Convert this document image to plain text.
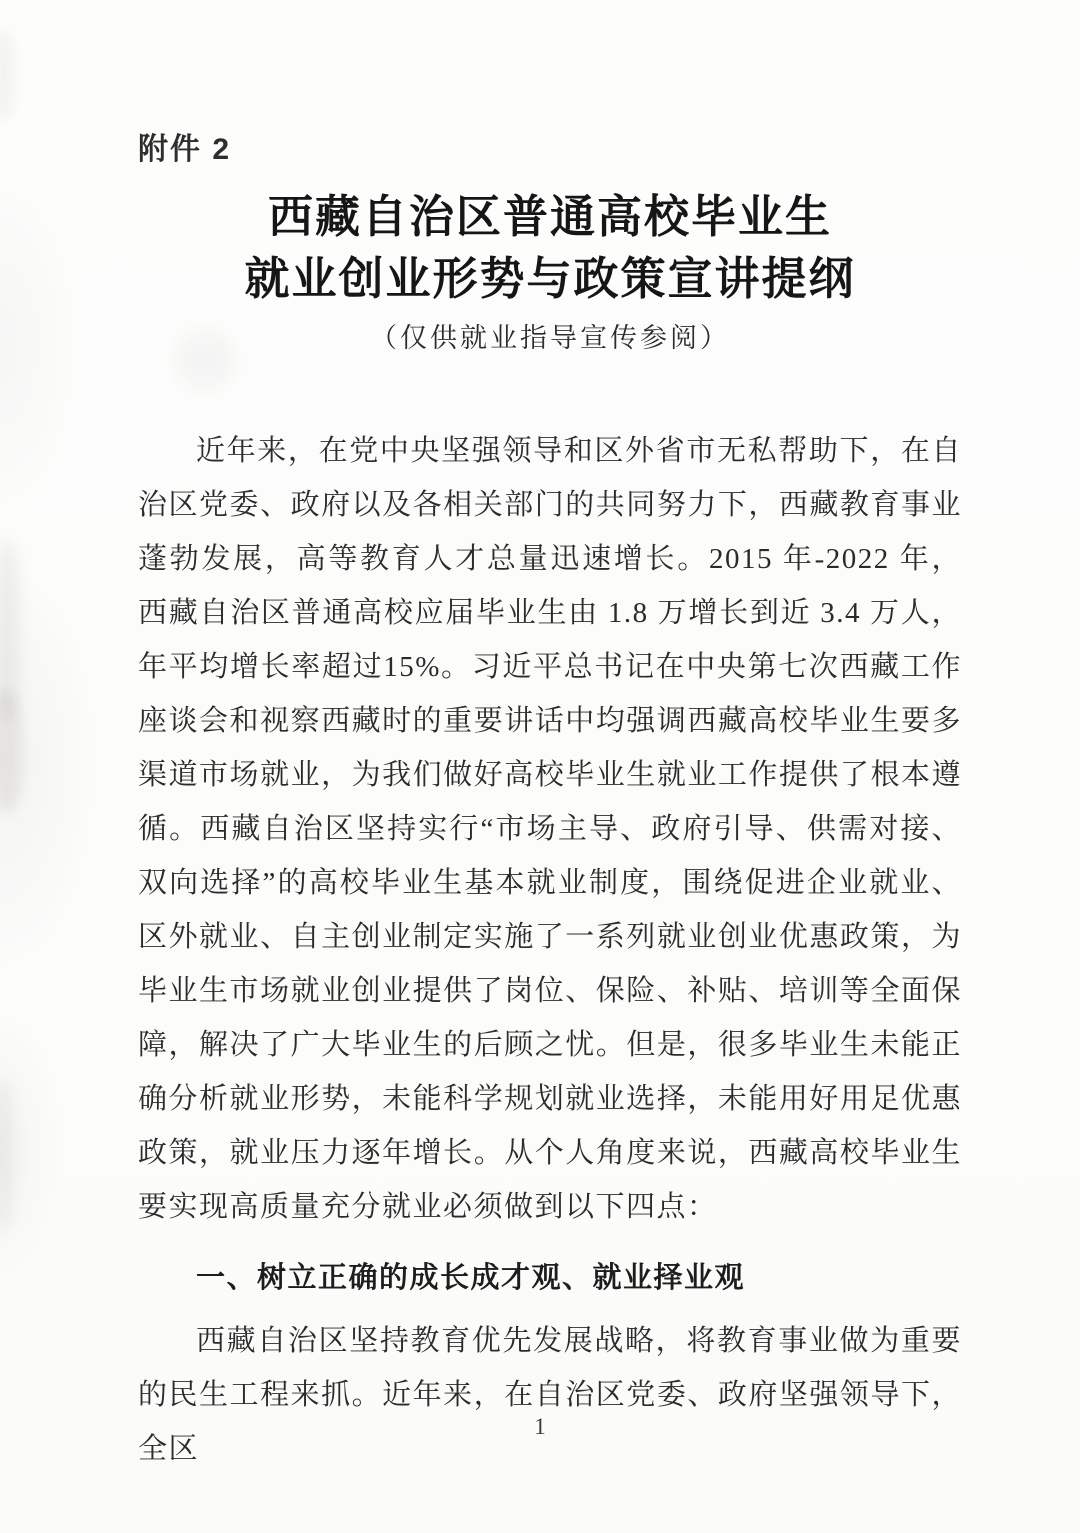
附件 2
西藏自治区普通高校毕业生
就业创业形势与政策宣讲提纲
（仅供就业指导宣传参阅）

近年来，在党中央坚强领导和区外省市无私帮助下，在自治区党委、政府以及各相关部门的共同努力下，西藏教育事业蓬勃发展，高等教育人才总量迅速增长。2015 年-2022 年，西藏自治区普通高校应届毕业生由 1.8 万增长到近 3.4 万人，年平均增长率超过15%。习近平总书记在中央第七次西藏工作座谈会和视察西藏时的重要讲话中均强调西藏高校毕业生要多渠道市场就业，为我们做好高校毕业生就业工作提供了根本遵循。西藏自治区坚持实行“市场主导、政府引导、供需对接、双向选择”的高校毕业生基本就业制度，围绕促进企业就业、区外就业、自主创业制定实施了一系列就业创业优惠政策，为毕业生市场就业创业提供了岗位、保险、补贴、培训等全面保障，解决了广大毕业生的后顾之忧。但是，很多毕业生未能正确分析就业形势，未能科学规划就业选择，未能用好用足优惠政策，就业压力逐年增长。从个人角度来说，西藏高校毕业生要实现高质量充分就业必须做到以下四点：

一、树立正确的成长成才观、就业择业观

西藏自治区坚持教育优先发展战略，将教育事业做为重要的民生工程来抓。近年来，在自治区党委、政府坚强领导下，全区

1
